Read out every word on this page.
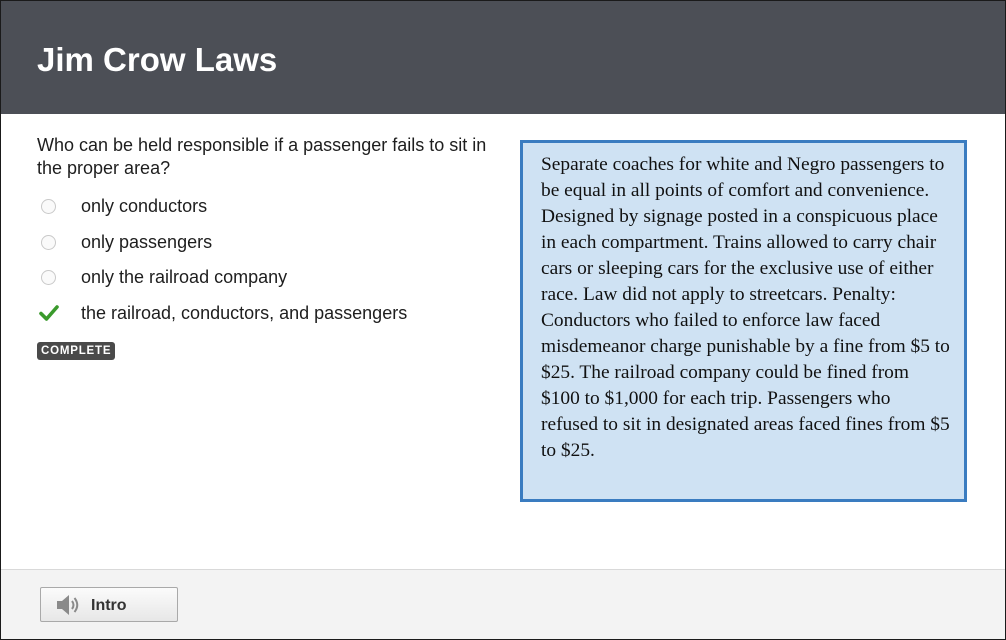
Jim Crow Laws
Who can be held responsible if a passenger fails to sit in the proper area?
only conductors
only passengers
only the railroad company
the railroad, conductors, and passengers
COMPLETE
Separate coaches for white and Negro passengers to be equal in all points of comfort and convenience. Designed by signage posted in a conspicuous place in each compartment. Trains allowed to carry chair cars or sleeping cars for the exclusive use of either race. Law did not apply to streetcars. Penalty: Conductors who failed to enforce law faced misdemeanor charge punishable by a fine from $5 to $25. The railroad company could be fined from $100 to $1,000 for each trip. Passengers who refused to sit in designated areas faced fines from $5 to $25.
Intro
